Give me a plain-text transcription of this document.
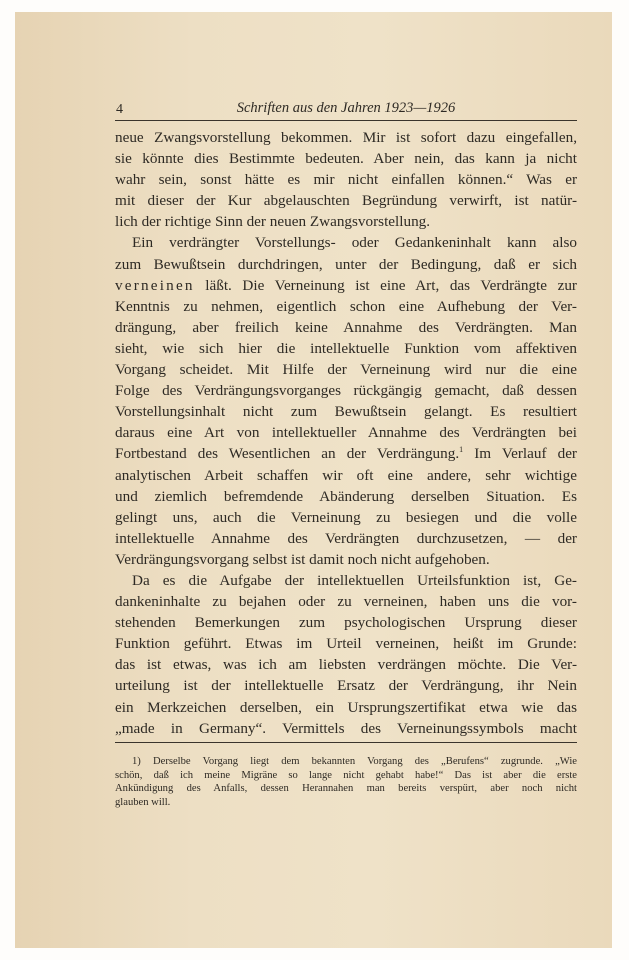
4	Schriften aus den Jahren 1923—1926
neue Zwangsvorstellung bekommen. Mir ist sofort dazu eingefallen,
sie könnte dies Bestimmte bedeuten. Aber nein, das kann ja nicht
wahr sein, sonst hätte es mir nicht einfallen können.“ Was er
mit dieser der Kur abgelauschten Begründung verwirft, ist natür-
lich der richtige Sinn der neuen Zwangsvorstellung.
Ein verdrängter Vorstellungs- oder Gedankeninhalt kann also
zum Bewußtsein durchdringen, unter der Bedingung, daß er sich
verneinen läßt. Die Verneinung ist eine Art, das Verdrängte zur
Kenntnis zu nehmen, eigentlich schon eine Aufhebung der Ver-
drängung, aber freilich keine Annahme des Verdrängten. Man
sieht, wie sich hier die intellektuelle Funktion vom affektiven
Vorgang scheidet. Mit Hilfe der Verneinung wird nur die eine
Folge des Verdrängungsvorganges rückgängig gemacht, daß dessen
Vorstellungsinhalt nicht zum Bewußtsein gelangt. Es resultiert
daraus eine Art von intellektueller Annahme des Verdrängten bei
Fortbestand des Wesentlichen an der Verdrängung.$^1$ Im Verlauf der
analytischen Arbeit schaffen wir oft eine andere, sehr wichtige
und ziemlich befremdende Abänderung derselben Situation. Es
gelingt uns, auch die Verneinung zu besiegen und die volle
intellektuelle Annahme des Verdrängten durchzusetzen, — der
Verdrängungsvorgang selbst ist damit noch nicht aufgehoben.
Da es die Aufgabe der intellektuellen Urteilsfunktion ist, Ge-
dankeninhalte zu bejahen oder zu verneinen, haben uns die vor-
stehenden Bemerkungen zum psychologischen Ursprung dieser
Funktion geführt. Etwas im Urteil verneinen, heißt im Grunde:
das ist etwas, was ich am liebsten verdrängen möchte. Die Ver-
urteilung ist der intellektuelle Ersatz der Verdrängung, ihr Nein
ein Merkzeichen derselben, ein Ursprungszertifikat etwa wie das
„made in Germany“. Vermittels des Verneinungssymbols macht
1) Derselbe Vorgang liegt dem bekannten Vorgang des „Berufens“ zugrunde. „Wie
schön, daß ich meine Migräne so lange nicht gehabt habe!“ Das ist aber die erste
Ankündigung des Anfalls, dessen Herannahen man bereits verspürt, aber noch nicht
glauben will.
